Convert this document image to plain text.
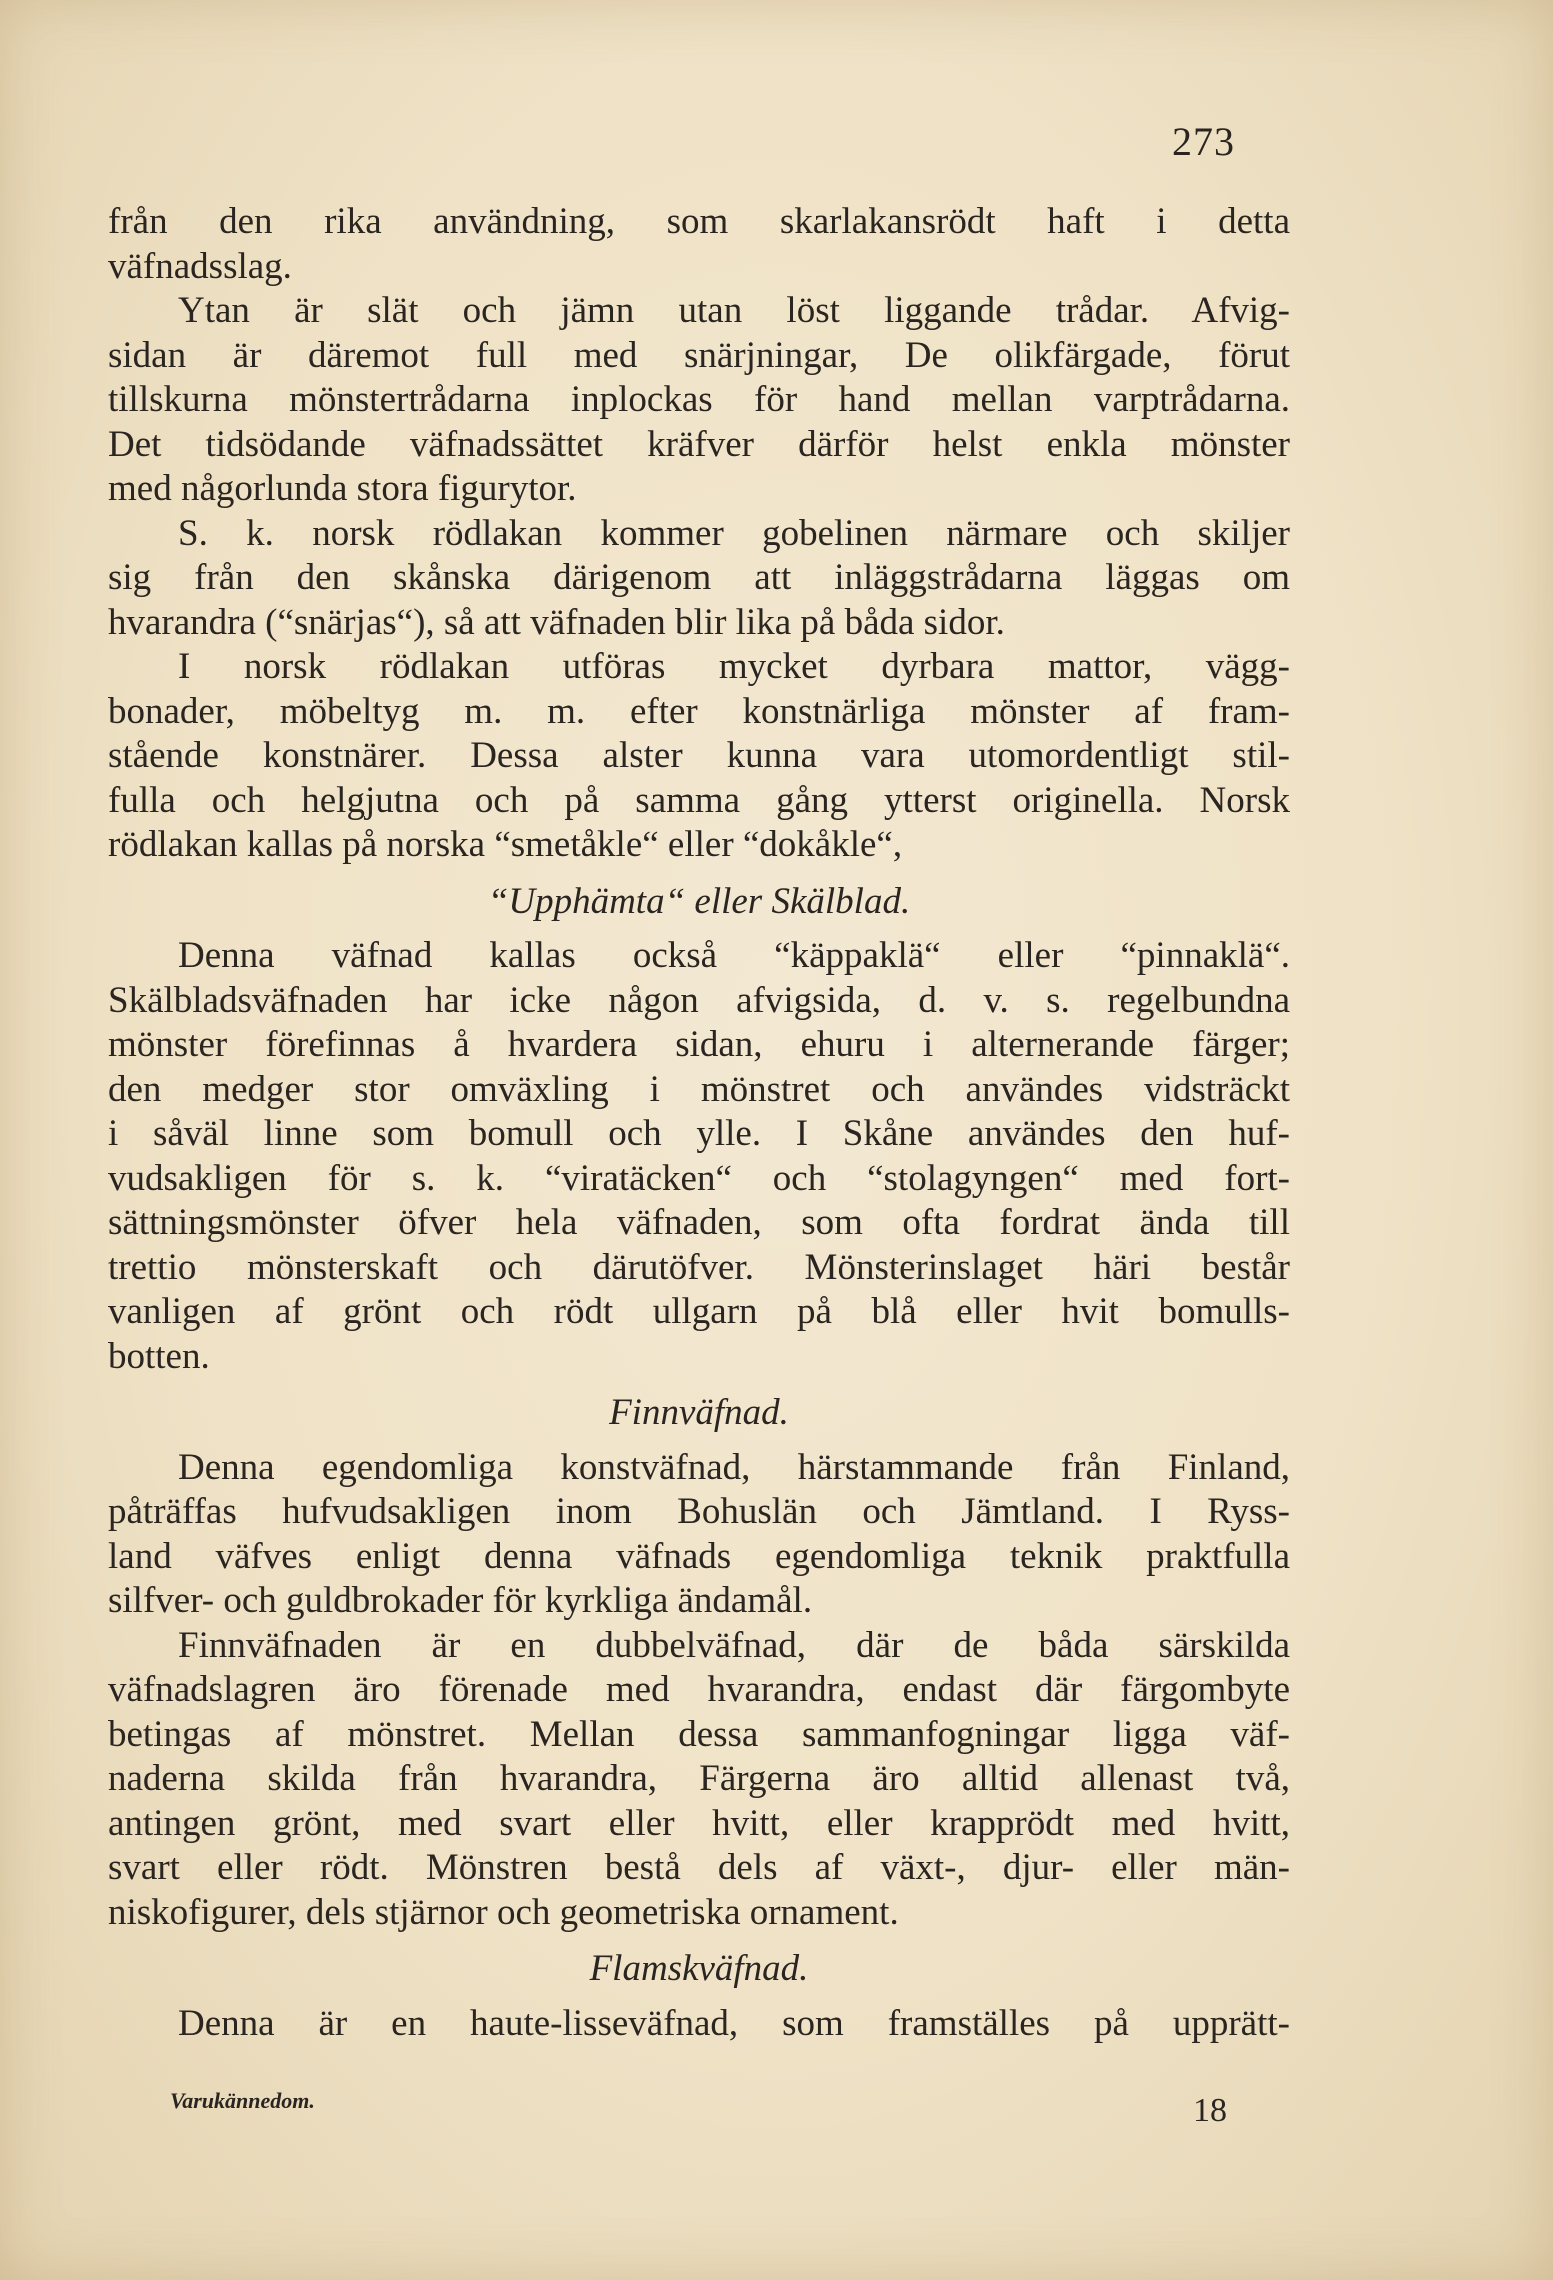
273
från den rika användning, som skarlakansrödt haft i detta
väfnadsslag.
Ytan är slät och jämn utan löst liggande trådar. Afvig-
sidan är däremot full med snärjningar, De olikfärgade, förut
tillskurna mönstertrådarna inplockas för hand mellan varptrådarna.
Det tidsödande väfnadssättet kräfver därför helst enkla mönster
med någorlunda stora figurytor.
S. k. norsk rödlakan kommer gobelinen närmare och skiljer
sig från den skånska därigenom att inläggstrådarna läggas om
hvarandra (“snärjas“), så att väfnaden blir lika på båda sidor.
I norsk rödlakan utföras mycket dyrbara mattor, vägg-
bonader, möbeltyg m. m. efter konstnärliga mönster af fram-
stående konstnärer. Dessa alster kunna vara utomordentligt stil-
fulla och helgjutna och på samma gång ytterst originella. Norsk
rödlakan kallas på norska “smetåkle“ eller “dokåkle“,
“Upphämta“ eller Skälblad.
Denna väfnad kallas också “käppaklä“ eller “pinnaklä“.
Skälbladsväfnaden har icke någon afvigsida, d. v. s. regelbundna
mönster förefinnas å hvardera sidan, ehuru i alternerande färger;
den medger stor omväxling i mönstret och användes vidsträckt
i såväl linne som bomull och ylle. I Skåne användes den huf-
vudsakligen för s. k. “viratäcken“ och “stolagyngen“ med fort-
sättningsmönster öfver hela väfnaden, som ofta fordrat ända till
trettio mönsterskaft och därutöfver. Mönsterinslaget häri består
vanligen af grönt och rödt ullgarn på blå eller hvit bomulls-
botten.
Finnväfnad.
Denna egendomliga konstväfnad, härstammande från Finland,
påträffas hufvudsakligen inom Bohuslän och Jämtland. I Ryss-
land väfves enligt denna väfnads egendomliga teknik praktfulla
silfver- och guldbrokader för kyrkliga ändamål.
Finnväfnaden är en dubbelväfnad, där de båda särskilda
väfnadslagren äro förenade med hvarandra, endast där färgombyte
betingas af mönstret. Mellan dessa sammanfogningar ligga väf-
naderna skilda från hvarandra, Färgerna äro alltid allenast två,
antingen grönt, med svart eller hvitt, eller krapprödt med hvitt,
svart eller rödt. Mönstren bestå dels af växt-, djur- eller män-
niskofigurer, dels stjärnor och geometriska ornament.
Flamskväfnad.
Denna är en haute-lisseväfnad, som framställes på upprätt-
Varukännedom.	18
